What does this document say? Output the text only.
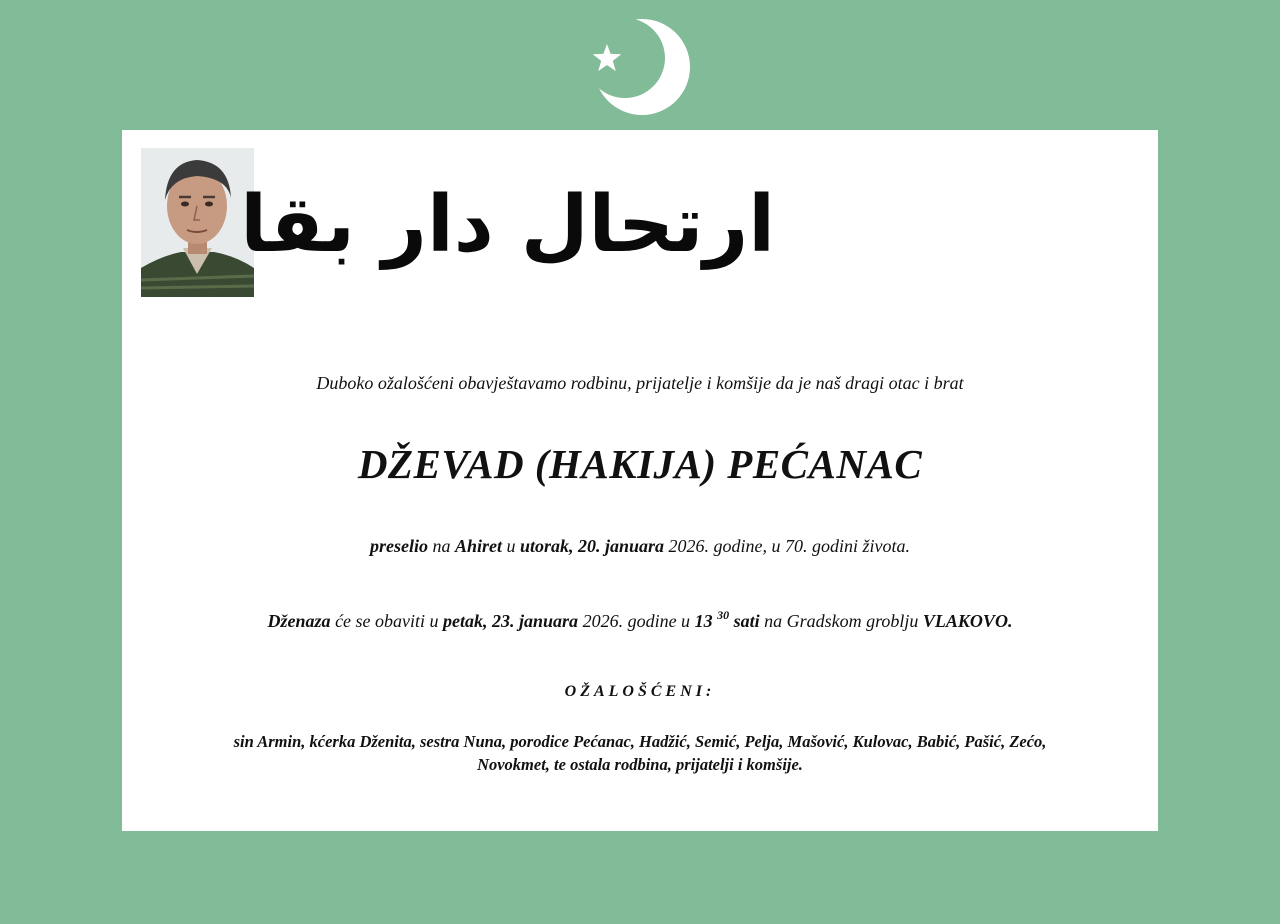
ارتحال دار بقا
Duboko ožalošćeni obavještavamo rodbinu, prijatelje i komšije da je naš dragi otac i brat
DŽEVAD (HAKIJA) PEĆANAC
preselio na Ahiret u utorak, 20. januara 2026. godine, u 70. godini života.
Dženaza će se obaviti u petak, 23. januara 2026. godine u 13 $^{30}$ sati na Gradskom groblju VLAKOVO.
OŽALOŠĆENI:
sin Armin, kćerka Dženita, sestra Nuna, porodice Pećanac, Hadžić, Semić, Pelja, Mašović, Kulovac, Babić, Pašić, Zećo,
Novokmet, te ostala rodbina, prijatelji i komšije.
